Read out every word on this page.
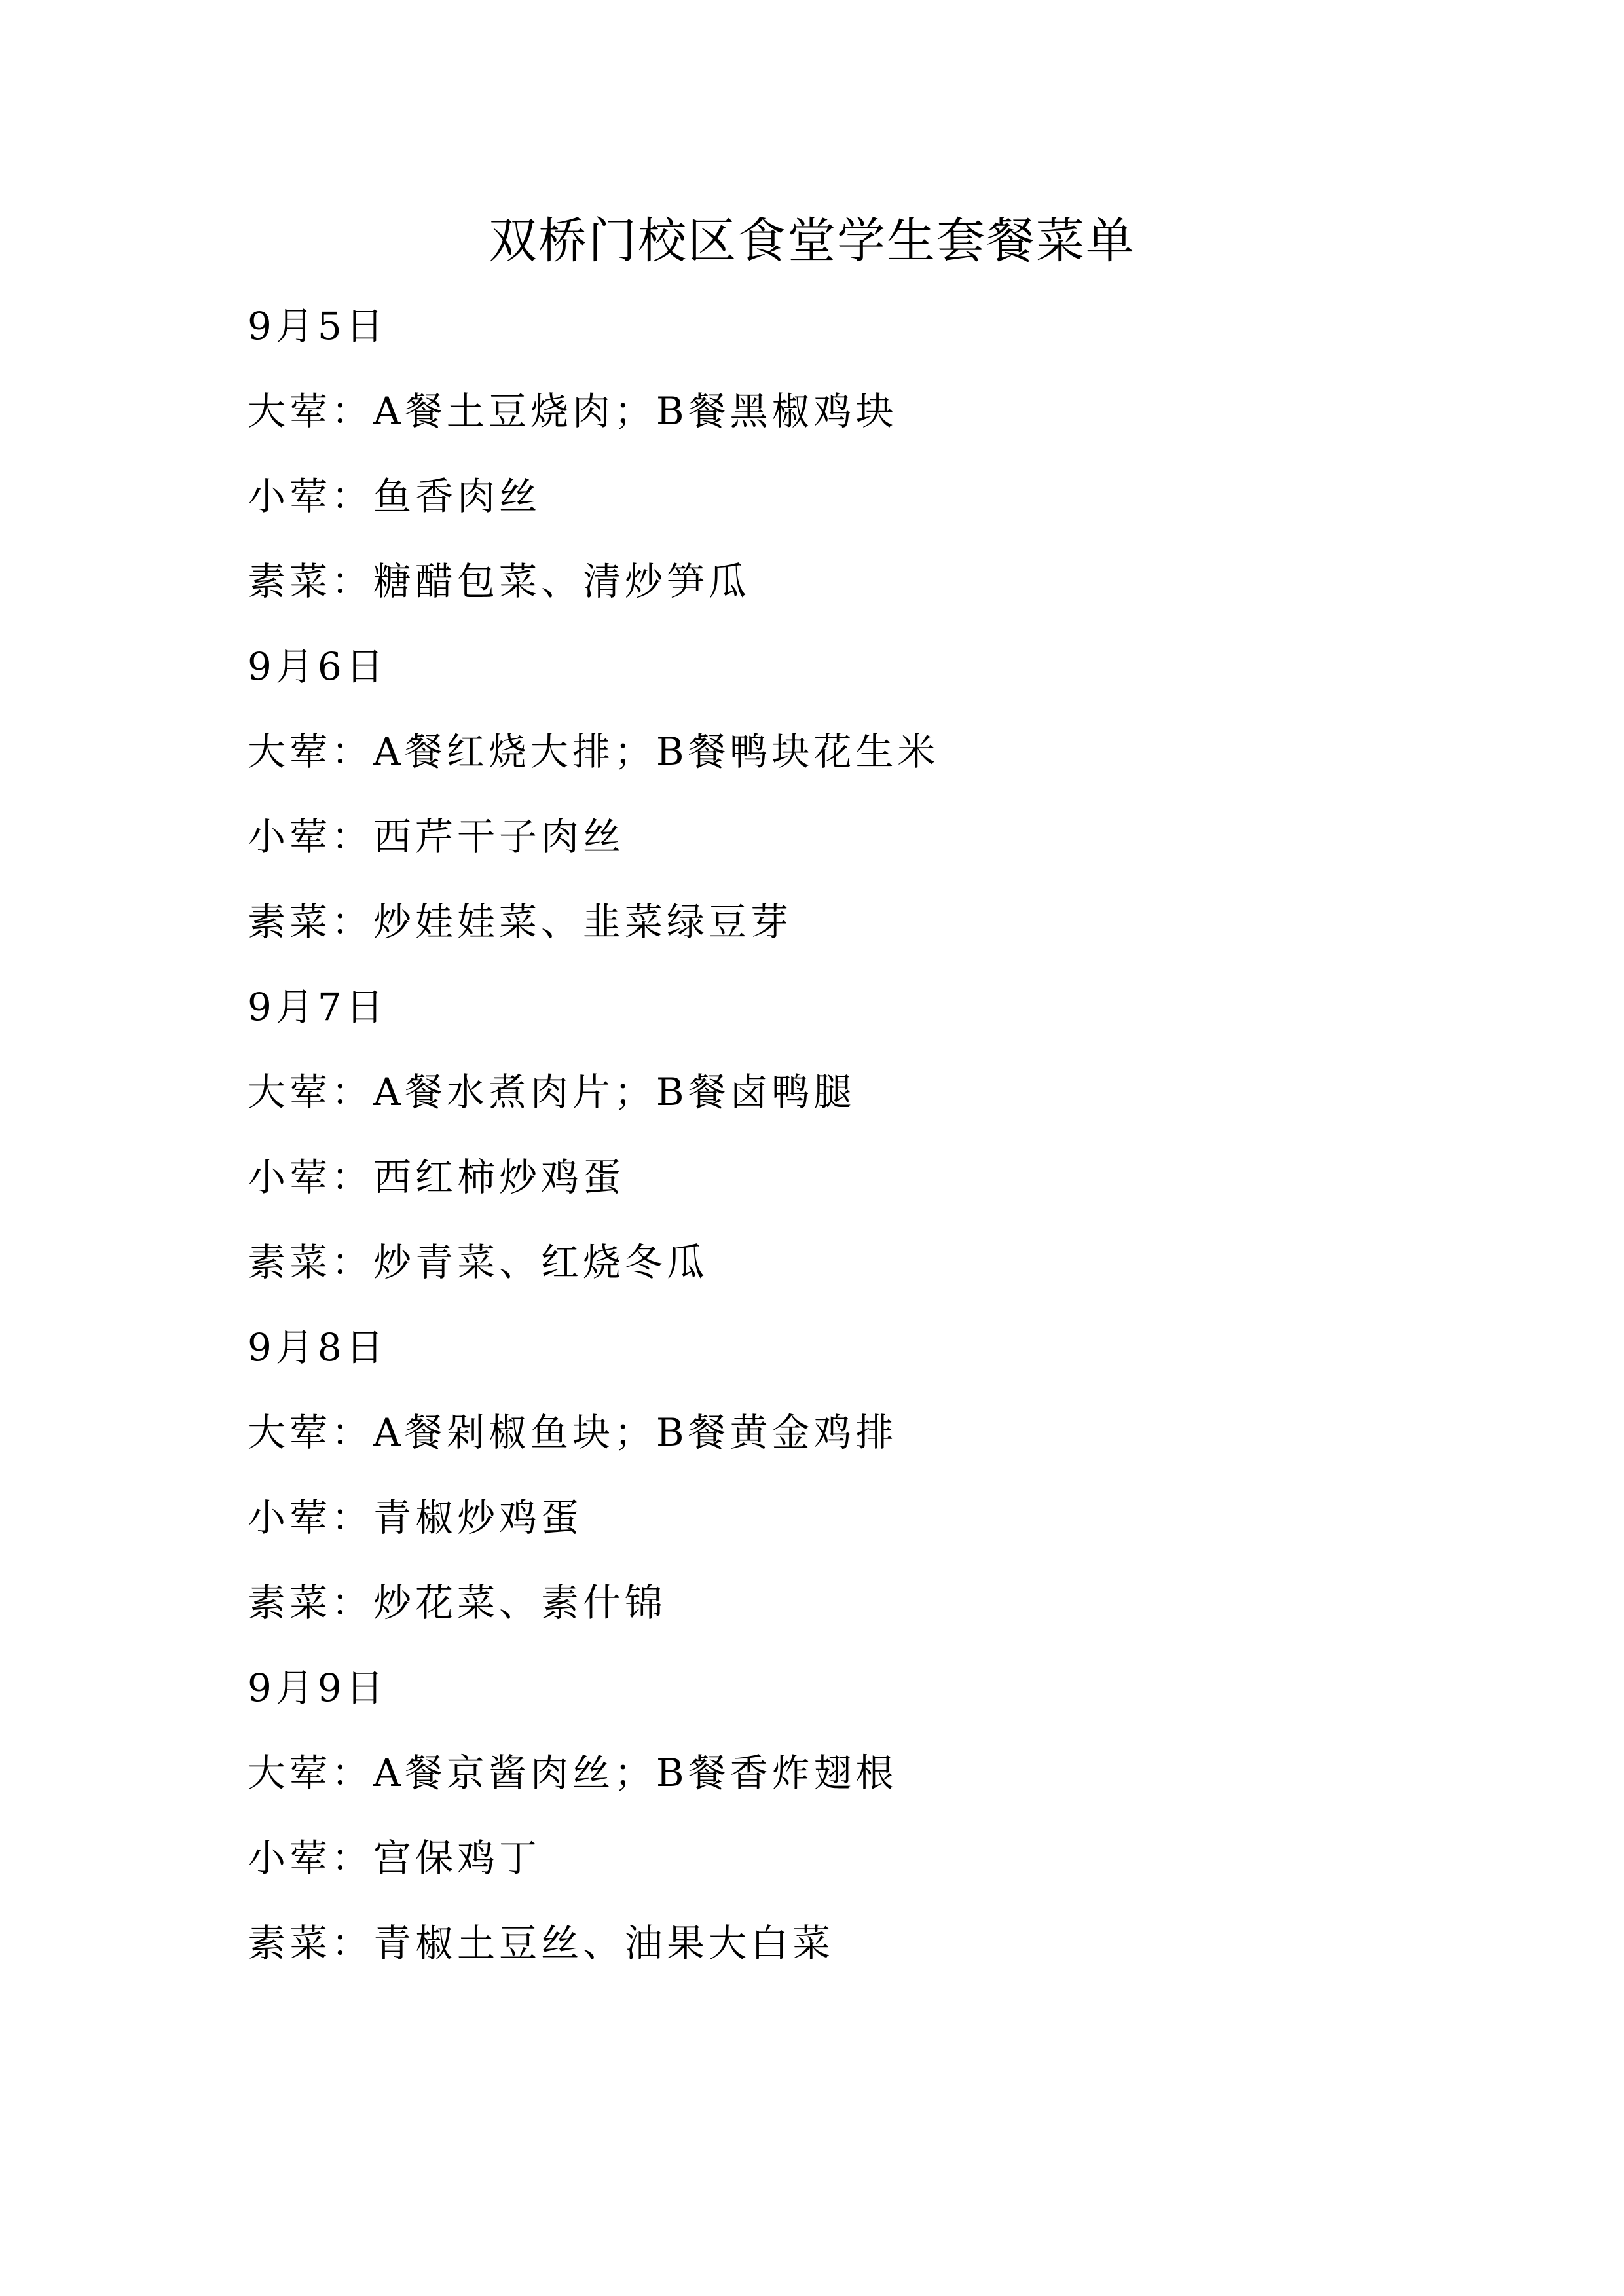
双桥门校区食堂学生套餐菜单
9月5日
大荤：A餐土豆烧肉；B餐黑椒鸡块
小荤：鱼香肉丝
素菜：糖醋包菜、清炒笋瓜
9月6日
大荤：A餐红烧大排；B餐鸭块花生米
小荤：西芹干子肉丝
素菜：炒娃娃菜、韭菜绿豆芽
9月7日
大荤：A餐水煮肉片；B餐卤鸭腿
小荤：西红柿炒鸡蛋
素菜：炒青菜、红烧冬瓜
9月8日
大荤：A餐剁椒鱼块；B餐黄金鸡排
小荤：青椒炒鸡蛋
素菜：炒花菜、素什锦
9月9日
大荤：A餐京酱肉丝；B餐香炸翅根
小荤：宫保鸡丁
素菜：青椒土豆丝、油果大白菜
